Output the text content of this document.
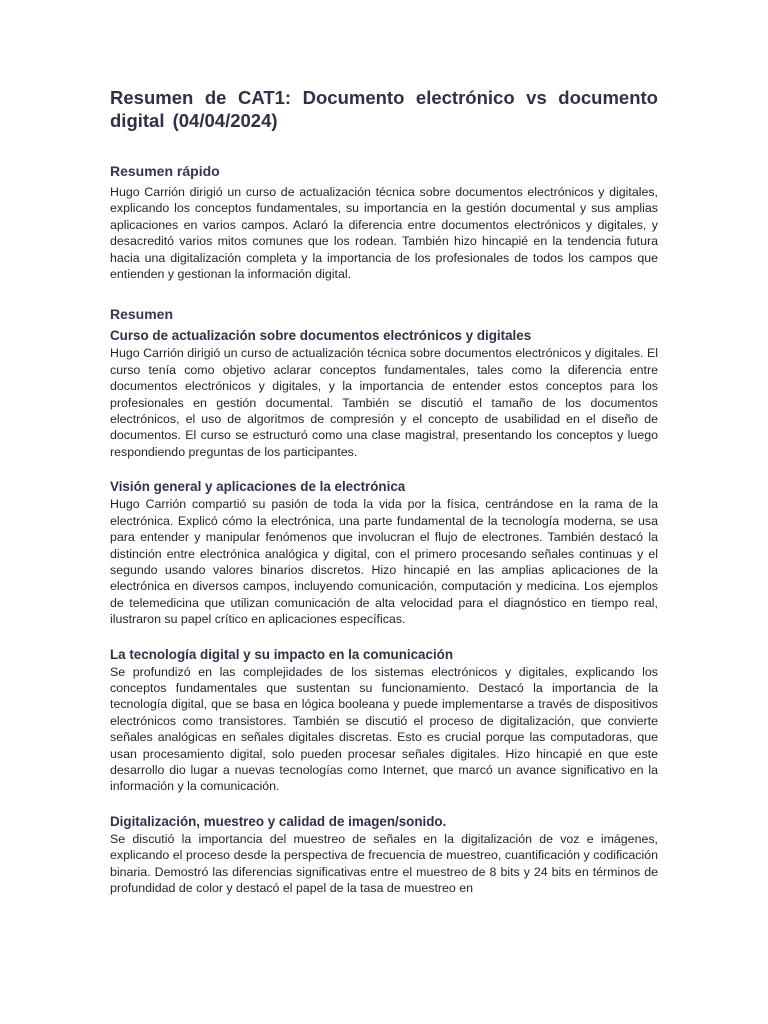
Resumen de CAT1: Documento electrónico vs documento digital (04/04/2024)
Resumen rápido

Hugo Carrión dirigió un curso de actualización técnica sobre documentos electrónicos y digitales, explicando los conceptos fundamentales, su importancia en la gestión documental y sus amplias aplicaciones en varios campos. Aclaró la diferencia entre documentos electrónicos y digitales, y desacreditó varios mitos comunes que los rodean. También hizo hincapié en la tendencia futura hacia una digitalización completa y la importancia de los profesionales de todos los campos que entienden y gestionan la información digital.

Resumen
Curso de actualización sobre documentos electrónicos y digitales

Hugo Carrión dirigió un curso de actualización técnica sobre documentos electrónicos y digitales. El curso tenía como objetivo aclarar conceptos fundamentales, tales como la diferencia entre documentos electrónicos y digitales, y la importancia de entender estos conceptos para los profesionales en gestión documental. También se discutió el tamaño de los documentos electrónicos, el uso de algoritmos de compresión y el concepto de usabilidad en el diseño de documentos. El curso se estructuró como una clase magistral, presentando los conceptos y luego respondiendo preguntas de los participantes.

Visión general y aplicaciones de la electrónica

Hugo Carrión compartió su pasión de toda la vida por la física, centrándose en la rama de la electrónica. Explicó cómo la electrónica, una parte fundamental de la tecnología moderna, se usa para entender y manipular fenómenos que involucran el flujo de electrones. También destacó la distinción entre electrónica analógica y digital, con el primero procesando señales continuas y el segundo usando valores binarios discretos. Hizo hincapié en las amplias aplicaciones de la electrónica en diversos campos, incluyendo comunicación, computación y medicina. Los ejemplos de telemedicina que utilizan comunicación de alta velocidad para el diagnóstico en tiempo real, ilustraron su papel crítico en aplicaciones específicas.

La tecnología digital y su impacto en la comunicación

Se profundizó en las complejidades de los sistemas electrónicos y digitales, explicando los conceptos fundamentales que sustentan su funcionamiento. Destacó la importancia de la tecnología digital, que se basa en lógica booleana y puede implementarse a través de dispositivos electrónicos como transistores. También se discutió el proceso de digitalización, que convierte señales analógicas en señales digitales discretas. Esto es crucial porque las computadoras, que usan procesamiento digital, solo pueden procesar señales digitales. Hizo hincapié en que este desarrollo dio lugar a nuevas tecnologías como Internet, que marcó un avance significativo en la información y la comunicación.

Digitalización, muestreo y calidad de imagen/sonido.

Se discutió la importancia del muestreo de señales en la digitalización de voz e imágenes, explicando el proceso desde la perspectiva de frecuencia de muestreo, cuantificación y codificación binaria. Demostró las diferencias significativas entre el muestreo de 8 bits y 24 bits en términos de profundidad de color y destacó el papel de la tasa de muestreo en
